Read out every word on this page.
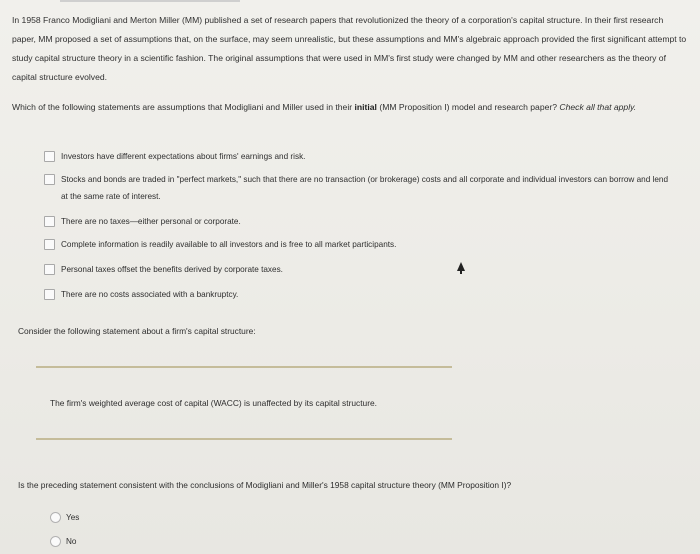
In 1958 Franco Modigliani and Merton Miller (MM) published a set of research papers that revolutionized the theory of a corporation's capital structure. In their first research paper, MM proposed a set of assumptions that, on the surface, may seem unrealistic, but these assumptions and MM's algebraic approach provided the first significant attempt to study capital structure theory in a scientific fashion. The original assumptions that were used in MM's first study were changed by MM and other researchers as the theory of capital structure evolved.
Which of the following statements are assumptions that Modigliani and Miller used in their initial (MM Proposition I) model and research paper? Check all that apply.
Investors have different expectations about firms' earnings and risk.
Stocks and bonds are traded in "perfect markets," such that there are no transaction (or brokerage) costs and all corporate and individual investors can borrow and lend at the same rate of interest.
There are no taxes—either personal or corporate.
Complete information is readily available to all investors and is free to all market participants.
Personal taxes offset the benefits derived by corporate taxes.
There are no costs associated with a bankruptcy.
Consider the following statement about a firm's capital structure:
The firm's weighted average cost of capital (WACC) is unaffected by its capital structure.
Is the preceding statement consistent with the conclusions of Modigliani and Miller's 1958 capital structure theory (MM Proposition I)?
Yes
No
